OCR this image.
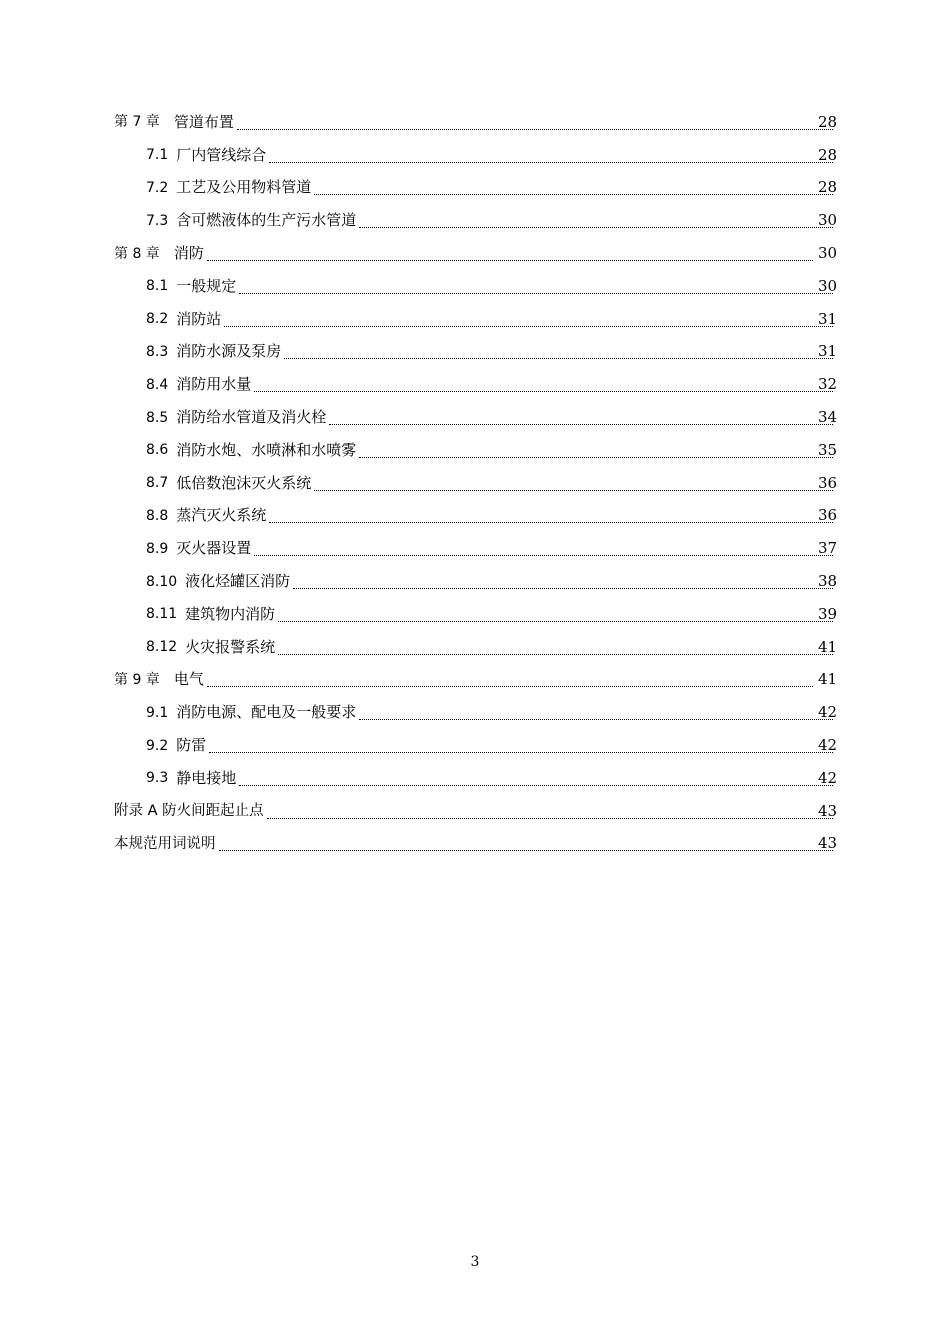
第 7 章 管道布置	28
7.1 厂内管线综合	28
7.2 工艺及公用物料管道	28
7.3 含可燃液体的生产污水管道	30
第 8 章 消防	30
8.1 一般规定	30
8.2 消防站	31
8.3 消防水源及泵房	31
8.4 消防用水量	32
8.5 消防给水管道及消火栓	34
8.6 消防水炮、水喷淋和水喷雾	35
8.7 低倍数泡沫灭火系统	36
8.8 蒸汽灭火系统	36
8.9 灭火器设置	37
8.10 液化烃罐区消防	38
8.11 建筑物内消防	39
8.12 火灾报警系统	41
第 9 章 电气	41
9.1 消防电源、配电及一般要求	42
9.2 防雷	42
9.3 静电接地	42
附录 A 防火间距起止点	43
本规范用词说明	43
3
